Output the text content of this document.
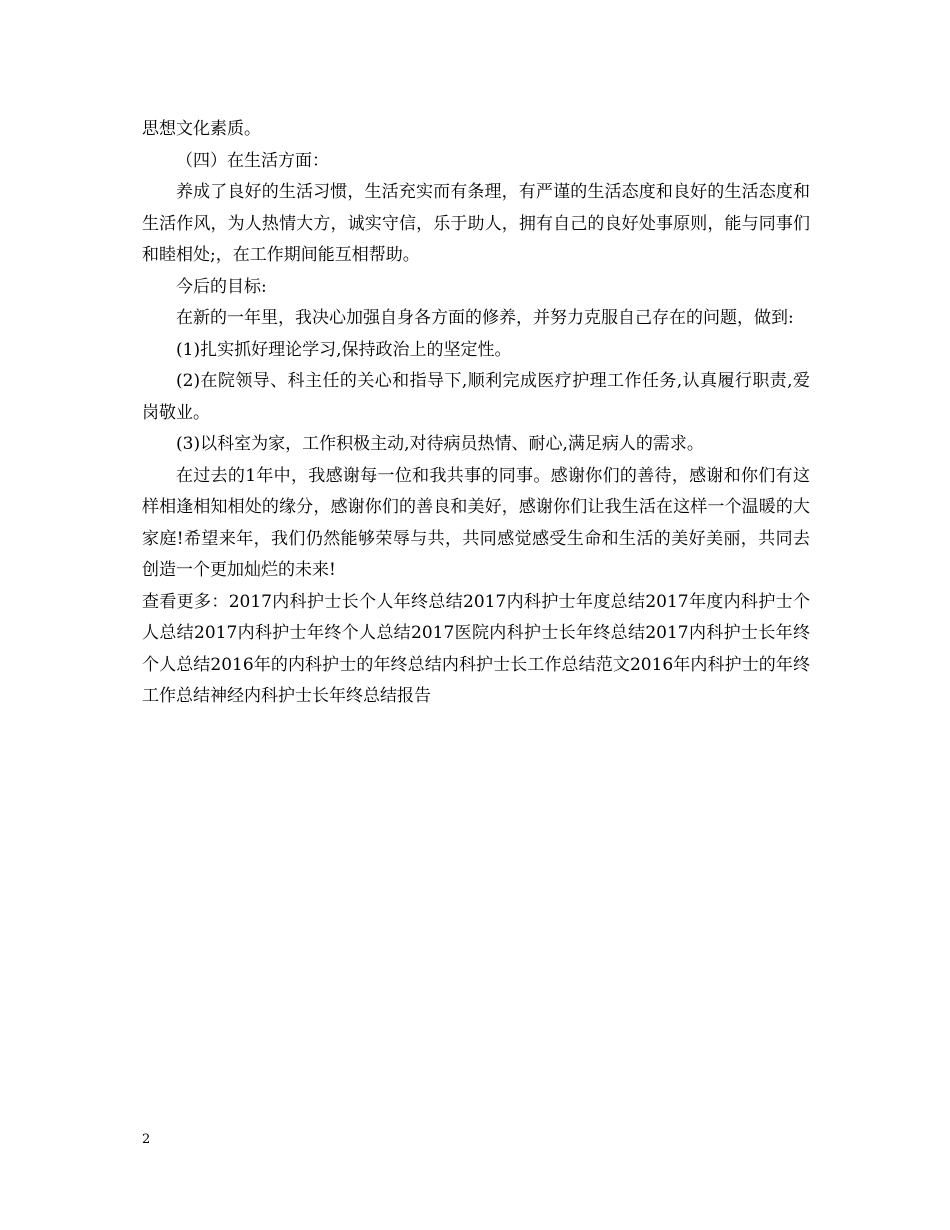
思想文化素质。

（四）在生活方面：

养成了良好的生活习惯，生活充实而有条理，有严谨的生活态度和良好的生活态度和生活作风，为人热情大方，诚实守信，乐于助人，拥有自己的良好处事原则，能与同事们和睦相处;，在工作期间能互相帮助。

今后的目标:

在新的一年里，我决心加强自身各方面的修养，并努力克服自己存在的问题，做到:

(1)扎实抓好理论学习,保持政治上的坚定性。

(2)在院领导、科主任的关心和指导下,顺利完成医疗护理工作任务,认真履行职责,爱岗敬业。

(3)以科室为家，工作积极主动,对待病员热情、耐心,满足病人的需求。

在过去的1年中，我感谢每一位和我共事的同事。感谢你们的善待，感谢和你们有这样相逢相知相处的缘分，感谢你们的善良和美好，感谢你们让我生活在这样一个温暖的大家庭!希望来年，我们仍然能够荣辱与共，共同感觉感受生命和生活的美好美丽，共同去创造一个更加灿烂的未来!

查看更多：2017内科护士长个人年终总结2017内科护士年度总结2017年度内科护士个人总结2017内科护士年终个人总结2017医院内科护士长年终总结2017内科护士长年终个人总结2016年的内科护士的年终总结内科护士长工作总结范文2016年内科护士的年终工作总结神经内科护士长年终总结报告

2
